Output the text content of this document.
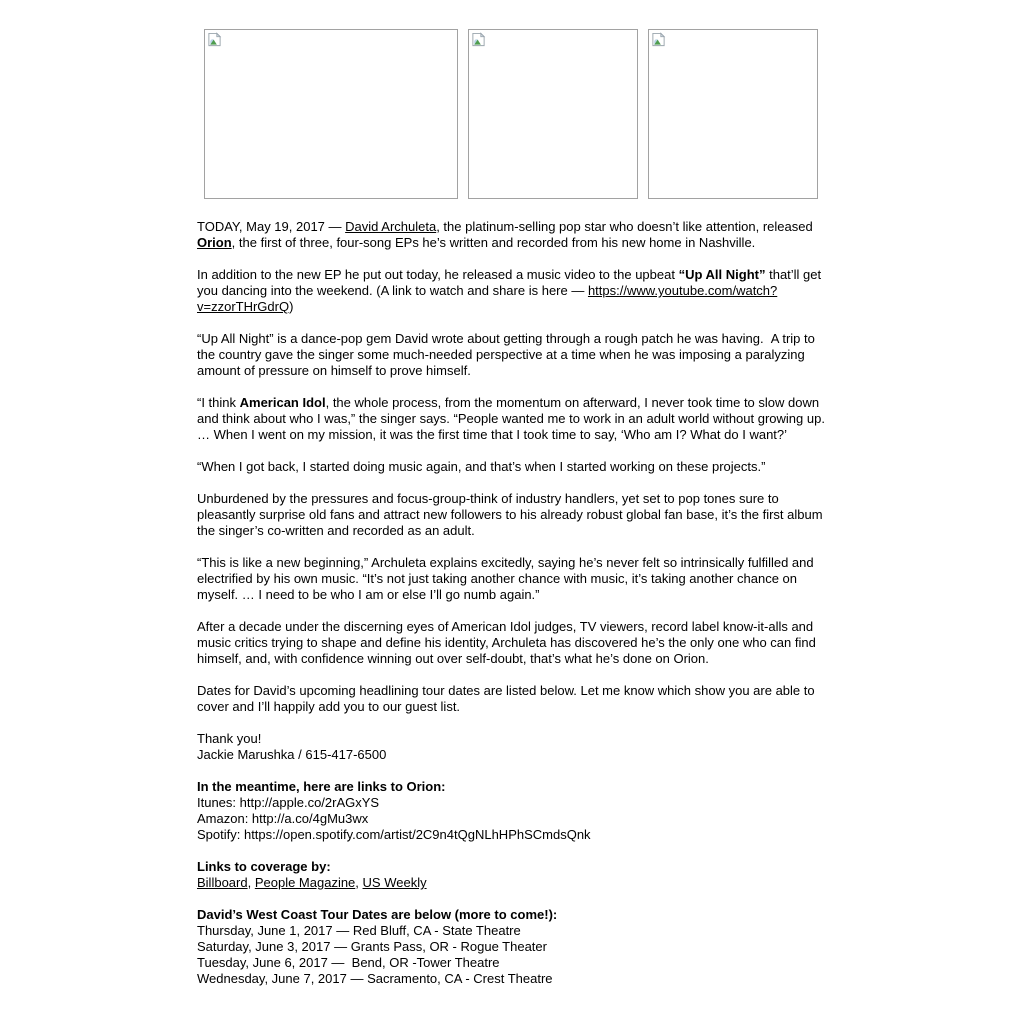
TODAY, May 19, 2017 — David Archuleta, the platinum-selling pop star who doesn’t like attention, released Orion, the first of three, four-song EPs he’s written and recorded from his new home in Nashville.

In addition to the new EP he put out today, he released a music video to the upbeat “Up All Night” that’ll get you dancing into the weekend. (A link to watch and share is here — https://www.youtube.com/watch?v=zzorTHrGdrQ)

“Up All Night” is a dance-pop gem David wrote about getting through a rough patch he was having.  A trip to the country gave the singer some much-needed perspective at a time when he was imposing a paralyzing amount of pressure on himself to prove himself.

“I think American Idol, the whole process, from the momentum on afterward, I never took time to slow down and think about who I was,” the singer says. “People wanted me to work in an adult world without growing up. … When I went on my mission, it was the first time that I took time to say, ‘Who am I? What do I want?’

“When I got back, I started doing music again, and that’s when I started working on these projects.”

Unburdened by the pressures and focus-group-think of industry handlers, yet set to pop tones sure to pleasantly surprise old fans and attract new followers to his already robust global fan base, it’s the first album the singer’s co-written and recorded as an adult.

“This is like a new beginning,” Archuleta explains excitedly, saying he’s never felt so intrinsically fulfilled and electrified by his own music. “It’s not just taking another chance with music, it’s taking another chance on myself. … I need to be who I am or else I’ll go numb again.”

After a decade under the discerning eyes of American Idol judges, TV viewers, record label know-it-alls and music critics trying to shape and define his identity, Archuleta has discovered he’s the only one who can find himself, and, with confidence winning out over self-doubt, that’s what he’s done on Orion.

Dates for David’s upcoming headlining tour dates are listed below. Let me know which show you are able to cover and I’ll happily add you to our guest list.

Thank you!
Jackie Marushka / 615-417-6500

In the meantime, here are links to Orion:
Itunes: http://apple.co/2rAGxYS
Amazon: http://a.co/4gMu3wx
Spotify: https://open.spotify.com/artist/2C9n4tQgNLhHPhSCmdsQnk

Links to coverage by:
Billboard, People Magazine, US Weekly

David’s West Coast Tour Dates are below (more to come!):
Thursday, June 1, 2017 — Red Bluff, CA - State Theatre
Saturday, June 3, 2017 — Grants Pass, OR - Rogue Theater
Tuesday, June 6, 2017 —  Bend, OR -Tower Theatre
Wednesday, June 7, 2017 — Sacramento, CA - Crest Theatre
